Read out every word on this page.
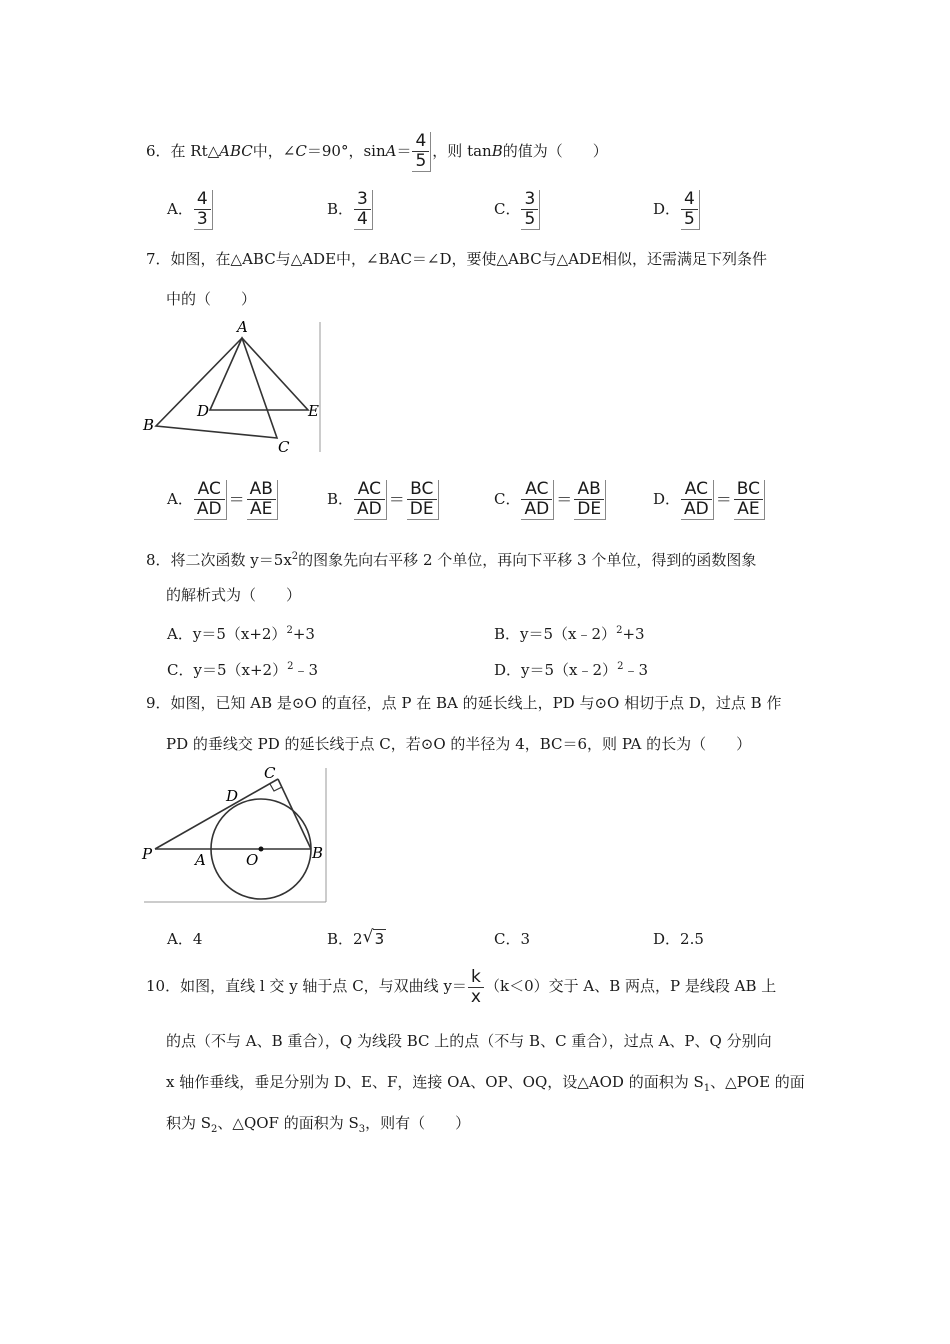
6．在 Rt△ABC中，∠C＝90°，$\sin A= \frac{4}{5}$ ，则 tanB的值为（　　）
A． $\frac{4}{3}$	B． $\frac{3}{4}$	C． $\frac{3}{5}$	D． $\frac{4}{5}$
7．如图，在△ABC与△ADE中，∠BAC＝∠D，要使△ABC与△ADE相似，还需满足下列条件
中的（　　）
A
B
C
D	E
A． $\frac{AC}{AD} = \frac{AB}{AE}$	B． $\frac{AC}{AD} = \frac{BC}{DE}$	C． $\frac{AC}{AD} = \frac{AB}{DE}$	D． $\frac{AC}{AD} = \frac{BC}{AE}$
8．将二次函数 $y=5x^2$的图象先向右平移 2 个单位，再向下平移 3 个单位，得到的函数图象
的解析式为（　　）
A．$y=5(x+2)^2+3$	B．y＝5（x﹣2）$^2$+3
C．$y=5(x+2)^2﹣3$	D．y＝5（x﹣2）$^2$﹣3
9．如图，已知 AB 是⊙O 的直径，点 P 在 BA 的延长线上，PD 与⊙O 相切于点 D，过点 B 作
PD 的垂线交 PD 的延长线于点 C，若⊙O 的半径为 4，BC＝6，则 PA 的长为（　　）
P	A	O	B
C
D
A．4	B．2 √ 3	C．3	D．2.5
10．如图，直线 l 交 y 轴于点 C，与双曲线 $y= \frac{k}{x} (k<0)$交于 A、B 两点，P 是线段 AB 上
的点（不与 A、B 重合），Q 为线段 BC 上的点（不与 B、C 重合），过点 A、P、Q 分别向
x 轴作垂线，垂足分别为 D、E、F，连接 OA、OP、OQ，设△AOD 的面积为 $S_1$、△POE 的面
积为 $S_2$、△QOF 的面积为 $S_3$，则有（　　）
